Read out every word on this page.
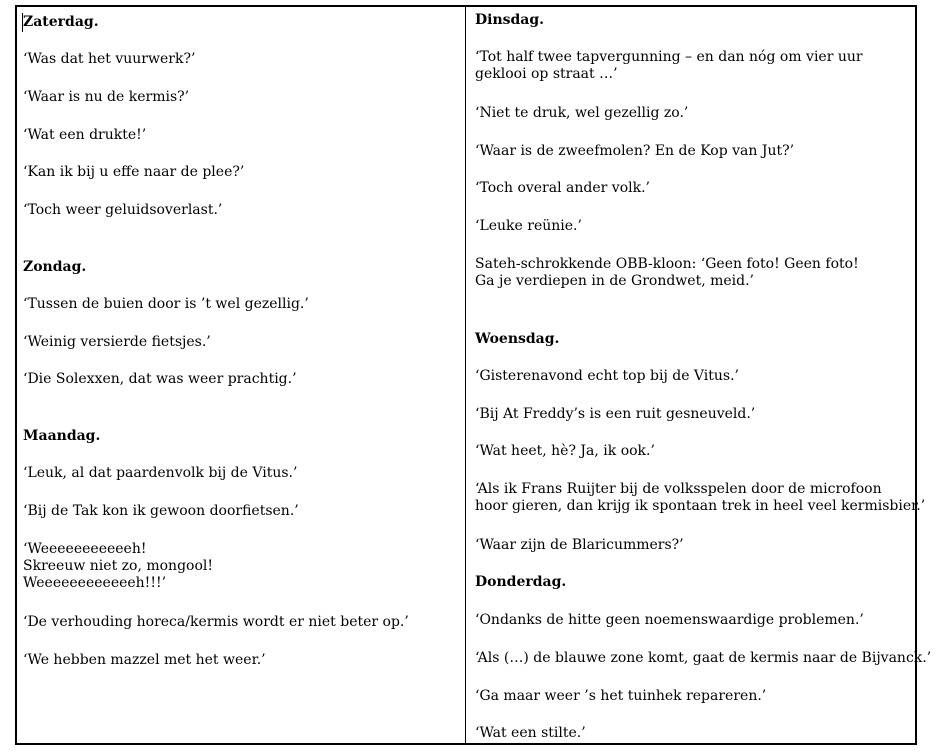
Zaterdag.
‘Was dat het vuurwerk?’
‘Waar is nu de kermis?’
‘Wat een drukte!’
‘Kan ik bij u effe naar de plee?’
‘Toch weer geluidsoverlast.’
Zondag.
‘Tussen de buien door is ’t wel gezellig.’
‘Weinig versierde fietsjes.’
‘Die Solexxen, dat was weer prachtig.’
Maandag.
‘Leuk, al dat paardenvolk bij de Vitus.’
‘Bij de Tak kon ik gewoon doorfietsen.’
‘Weeeeeeeeeeeh!
Skreeuw niet zo, mongool!
Weeeeeeeeeeeeh!!!’
‘De verhouding horeca/kermis wordt er niet beter op.’
‘We hebben mazzel met het weer.’
Dinsdag.
‘Tot half twee tapvergunning – en dan nóg om vier uur
geklooi op straat …’
‘Niet te druk, wel gezellig zo.’
‘Waar is de zweefmolen? En de Kop van Jut?’
‘Toch overal ander volk.’
‘Leuke reünie.’
Sateh-schrokkende OBB-kloon: ‘Geen foto! Geen foto!
Ga je verdiepen in de Grondwet, meid.’
Woensdag.
‘Gisterenavond echt top bij de Vitus.’
‘Bij At Freddy’s is een ruit gesneuveld.’
‘Wat heet, hè? Ja, ik ook.’
‘Als ik Frans Ruijter bij de volksspelen door de microfoon
hoor gieren, dan krijg ik spontaan trek in heel veel kermisbier.’
‘Waar zijn de Blaricummers?’
Donderdag.
‘Ondanks de hitte geen noemenswaardige problemen.’
‘Als (…) de blauwe zone komt, gaat de kermis naar de Bijvanck.’
‘Ga maar weer ’s het tuinhek repareren.’
‘Wat een stilte.’
